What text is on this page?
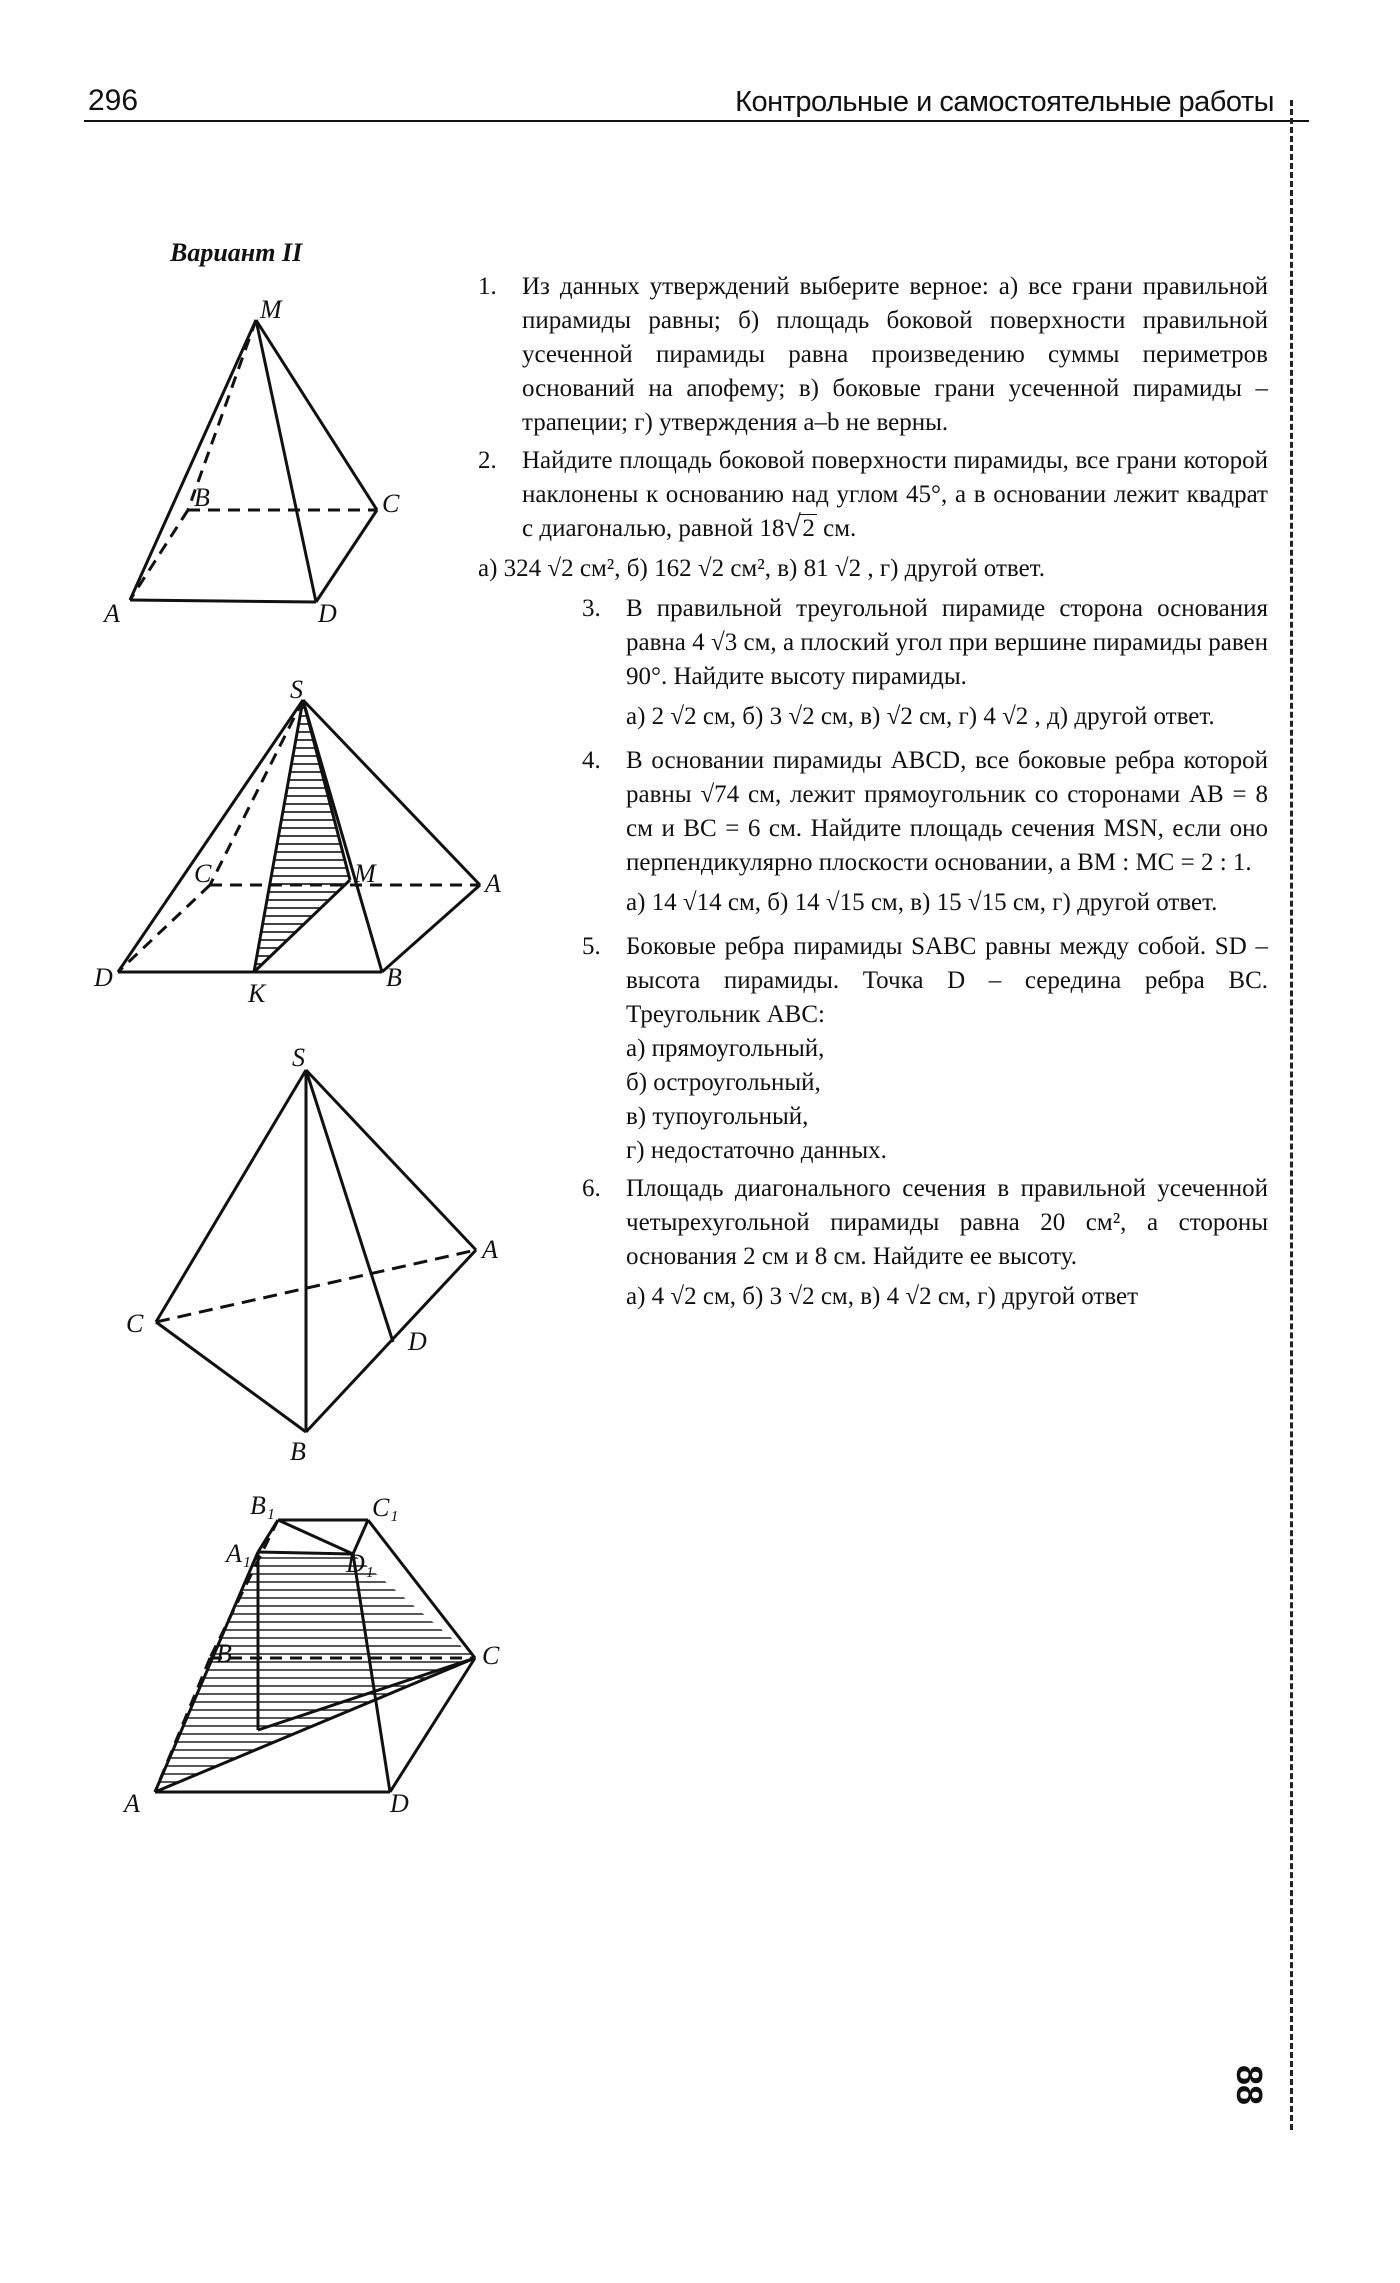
296	Контрольные и самостоятельные работы
88
Вариант II
M
B	C
A	D
S
C	M	A
D
K
B
S
A
C
D
B
B₁	C₁
A₁	D₁
B	C
A	D
1.	Из данных утверждений выберите верное: а) все грани правильной пирамиды равны; б) площадь боковой поверхности правильной усеченной пирамиды равна произведению суммы периметров оснований на апофему; в) боковые грани усеченной пирамиды – трапеции; г) утверждения а–b не верны.
2.	Найдите площадь боковой поверхности пирамиды, все грани которой наклонены к основанию над углом 45°, а в основании лежит квадрат с диагональю, равной 18√ 2 см.
а) 324 √2 см², б) 162 √2 см², в) 81 √2 , г) другой ответ.
3.	В правильной треугольной пирамиде сторона основания равна 4 √3 см, а плоский угол при вершине пирамиды равен 90°. Найдите высоту пирамиды.
а) 2 √2 см, б) 3 √2 см, в) √2 см, г) 4 √2 , д) другой ответ.
4.	В основании пирамиды ABCD, все боковые ребра которой равны √74 см, лежит прямоугольник со сторонами AB = 8 см и BC = 6 см. Найдите площадь сечения MSN, если оно перпендикулярно плоскости основании, а BM : MC = 2 : 1.
а) 14 √14 см, б) 14 √15 см, в) 15 √15 см, г) другой ответ.
5.	Боковые ребра пирамиды SABC равны между собой. SD – высота пирамиды. Точка D – середина ребра BC. Треугольник ABC:
а) прямоугольный,
б) остроугольный,
в) тупоугольный,
г) недостаточно данных.
6.	Площадь диагонального сечения в правильной усеченной четырехугольной пирамиды равна 20 см², а стороны основания 2 см и 8 см. Найдите ее высоту.
а) 4 √2 см, б) 3 √2 см, в) 4 √2 см, г) другой ответ
